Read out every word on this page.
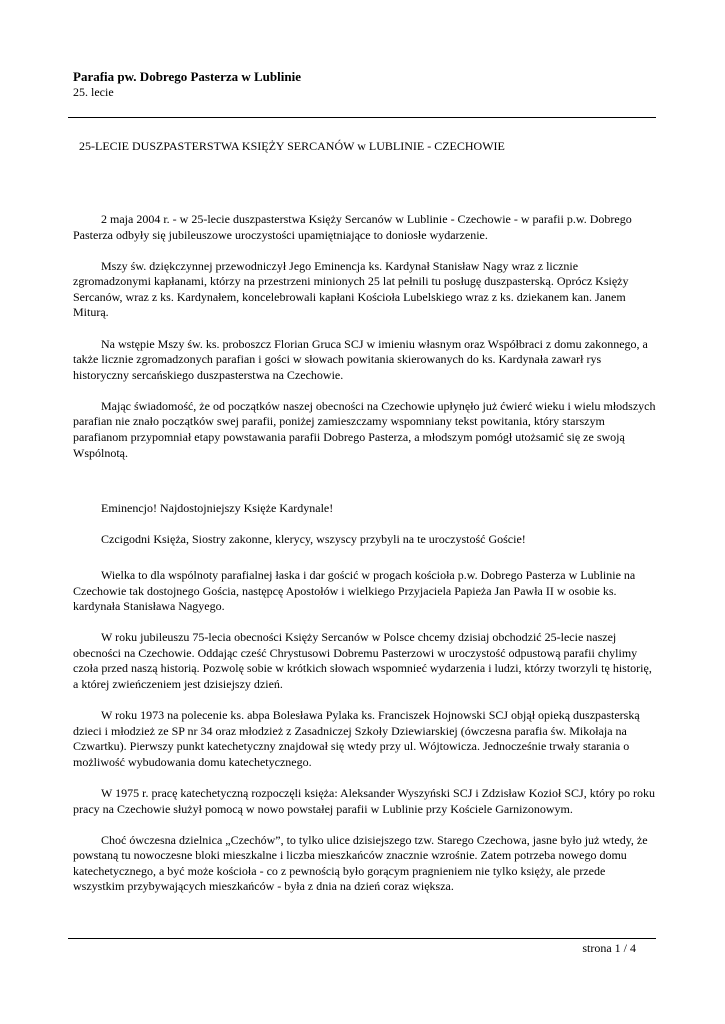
Parafia pw. Dobrego Pasterza w Lublinie
25. lecie
25-LECIE DUSZPASTERSTWA KSIĘŻY SERCANÓW w LUBLINIE - CZECHOWIE

2 maja 2004 r. - w 25-lecie duszpasterstwa Księży Sercanów w Lublinie - Czechowie - w parafii p.w. Dobrego Pasterza odbyły się jubileuszowe uroczystości upamiętniające to doniosłe wydarzenie.

Mszy św. dziękczynnej przewodniczył Jego Eminencja ks. Kardynał Stanisław Nagy wraz z licznie zgromadzonymi kapłanami, którzy na przestrzeni minionych 25 lat pełnili tu posługę duszpasterską. Oprócz Księży Sercanów, wraz z ks. Kardynałem, koncelebrowali kapłani Kościoła Lubelskiego wraz z ks. dziekanem kan. Janem Miturą.

Na wstępie Mszy św. ks. proboszcz Florian Gruca SCJ w imieniu własnym oraz Współbraci z domu zakonnego, a także licznie zgromadzonych parafian i gości w słowach powitania skierowanych do ks. Kardynała zawarł rys historyczny sercańskiego duszpasterstwa na Czechowie.

Mając świadomość, że od początków naszej obecności na Czechowie upłynęło już ćwierć wieku i wielu młodszych parafian nie znało początków swej parafii, poniżej zamieszczamy wspomniany tekst powitania, który starszym parafianom przypomniał etapy powstawania parafii Dobrego Pasterza, a młodszym pomógł utożsamić się ze swoją Wspólnotą.

Eminencjo! Najdostojniejszy Księże Kardynale!

Czcigodni Księża, Siostry zakonne, klerycy, wszyscy przybyli na te uroczystość Goście!

Wielka to dla wspólnoty parafialnej łaska i dar gościć w progach kościoła p.w. Dobrego Pasterza w Lublinie na Czechowie tak dostojnego Gościa, następcę Apostołów i wielkiego Przyjaciela Papieża Jan Pawła II w osobie ks. kardynała Stanisława Nagyego.

W roku jubileuszu 75-lecia obecności Księży Sercanów w Polsce chcemy dzisiaj obchodzić 25-lecie naszej obecności na Czechowie. Oddając cześć Chrystusowi Dobremu Pasterzowi w uroczystość odpustową parafii chylimy czoła przed naszą historią. Pozwolę sobie w krótkich słowach wspomnieć wydarzenia i ludzi, którzy tworzyli tę historię, a której zwieńczeniem jest dzisiejszy dzień.

W roku 1973 na polecenie ks. abpa Bolesława Pylaka ks. Franciszek Hojnowski SCJ objął opieką duszpasterską dzieci i młodzież ze SP nr 34 oraz młodzież z Zasadniczej Szkoły Dziewiarskiej (ówczesna parafia św. Mikołaja na Czwartku). Pierwszy punkt katechetyczny znajdował się wtedy przy ul. Wójtowicza. Jednocześnie trwały starania o możliwość wybudowania domu katechetycznego.

W 1975 r. pracę katechetyczną rozpoczęli księża: Aleksander Wyszyński SCJ i Zdzisław Kozioł SCJ, który po roku pracy na Czechowie służył pomocą w nowo powstałej parafii w Lublinie przy Kościele Garnizonowym.

Choć ówczesna dzielnica „Czechów”, to tylko ulice dzisiejszego tzw. Starego Czechowa, jasne było już wtedy, że powstaną tu nowoczesne bloki mieszkalne i liczba mieszkańców znacznie wzrośnie. Zatem potrzeba nowego domu katechetycznego, a być może kościoła - co z pewnością było gorącym pragnieniem nie tylko księży, ale przede wszystkim przybywających mieszkańców - była z dnia na dzień coraz większa.

strona 1 / 4
